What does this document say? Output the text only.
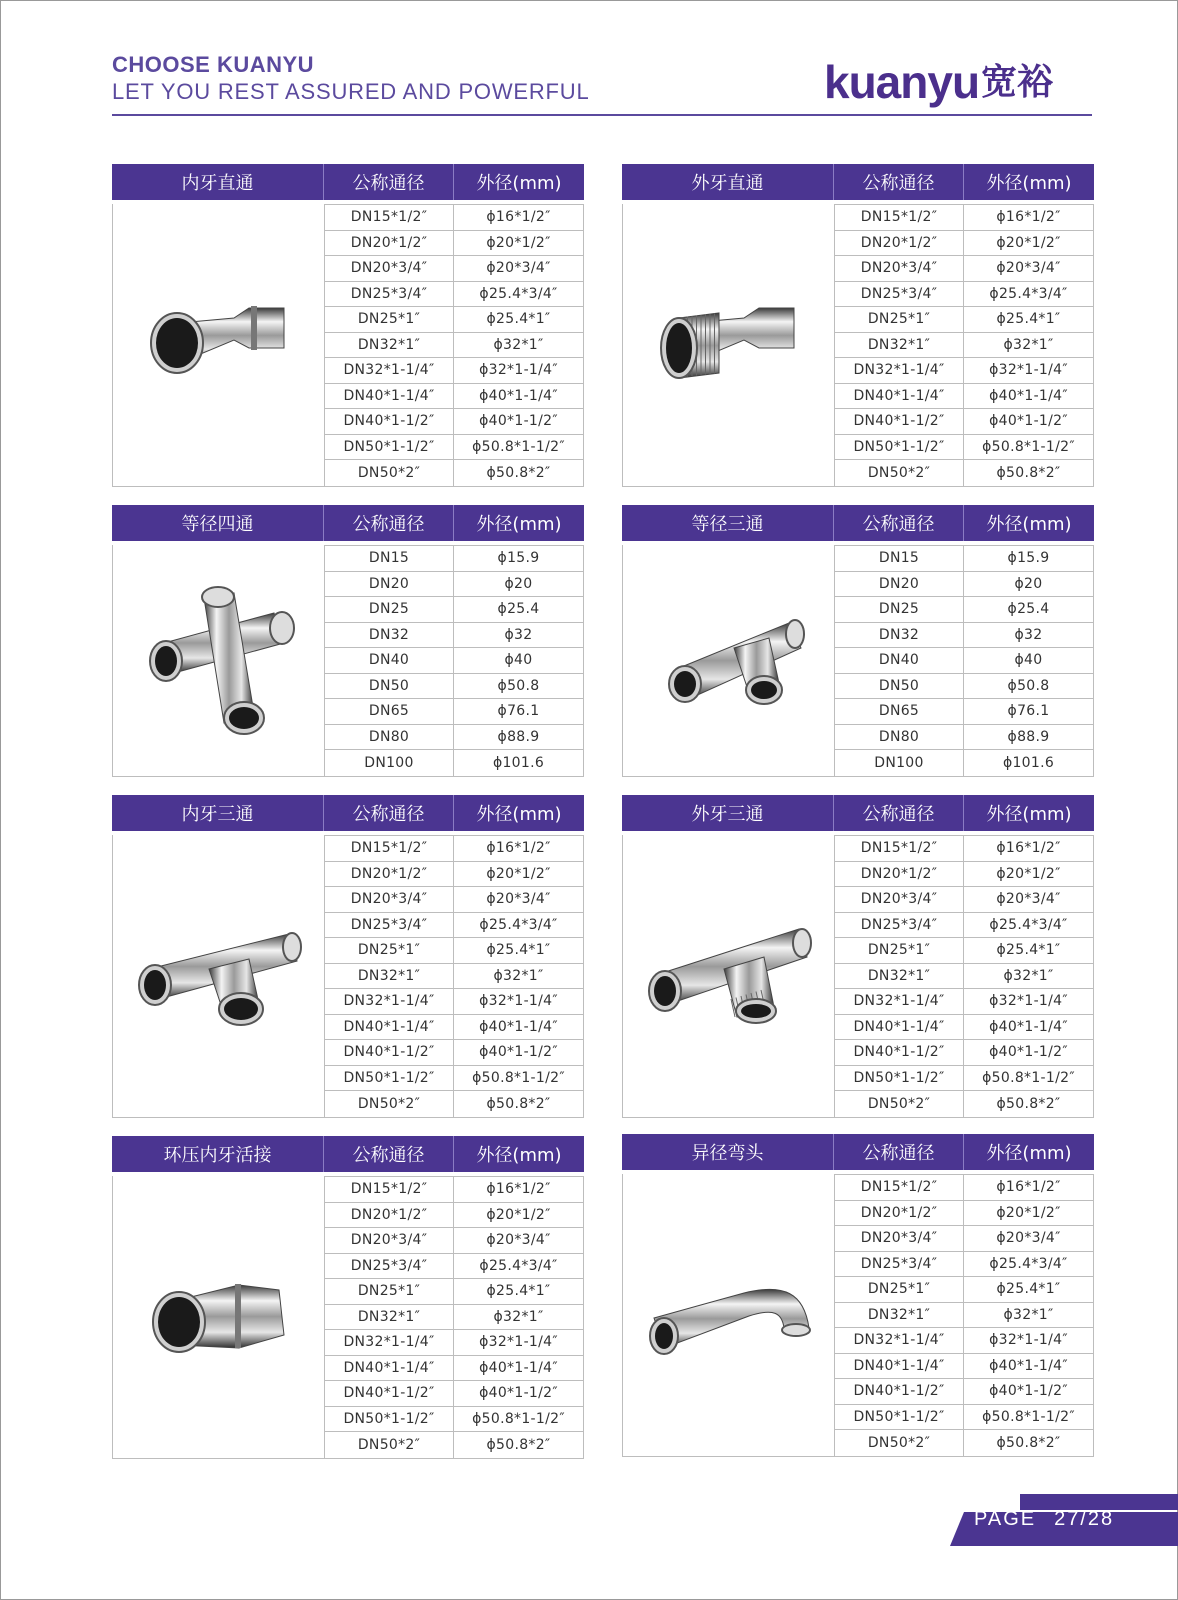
CHOOSE KUANYU
LET YOU REST ASSURED AND POWERFUL	kuanyu 宽裕
内牙直通	公称通径	外径(mm)
DN15*1/2″	ϕ16*1/2″
DN20*1/2″	ϕ20*1/2″
DN20*3/4″	ϕ20*3/4″
DN25*3/4″	ϕ25.4*3/4″
DN25*1″	ϕ25.4*1″
DN32*1″	ϕ32*1″
DN32*1-1/4″	ϕ32*1-1/4″
DN40*1-1/4″	ϕ40*1-1/4″
DN40*1-1/2″	ϕ40*1-1/2″
DN50*1-1/2″	ϕ50.8*1-1/2″
DN50*2″	ϕ50.8*2″
外牙直通	公称通径	外径(mm)
DN15*1/2″	ϕ16*1/2″
DN20*1/2″	ϕ20*1/2″
DN20*3/4″	ϕ20*3/4″
DN25*3/4″	ϕ25.4*3/4″
DN25*1″	ϕ25.4*1″
DN32*1″	ϕ32*1″
DN32*1-1/4″	ϕ32*1-1/4″
DN40*1-1/4″	ϕ40*1-1/4″
DN40*1-1/2″	ϕ40*1-1/2″
DN50*1-1/2″	ϕ50.8*1-1/2″
DN50*2″	ϕ50.8*2″
等径四通	公称通径	外径(mm)
DN15	ϕ15.9
DN20	ϕ20
DN25	ϕ25.4
DN32	ϕ32
DN40	ϕ40
DN50	ϕ50.8
DN65	ϕ76.1
DN80	ϕ88.9
DN100	ϕ101.6
等径三通	公称通径	外径(mm)
DN15	ϕ15.9
DN20	ϕ20
DN25	ϕ25.4
DN32	ϕ32
DN40	ϕ40
DN50	ϕ50.8
DN65	ϕ76.1
DN80	ϕ88.9
DN100	ϕ101.6
内牙三通	公称通径	外径(mm)
DN15*1/2″	ϕ16*1/2″
DN20*1/2″	ϕ20*1/2″
DN20*3/4″	ϕ20*3/4″
DN25*3/4″	ϕ25.4*3/4″
DN25*1″	ϕ25.4*1″
DN32*1″	ϕ32*1″
DN32*1-1/4″	ϕ32*1-1/4″
DN40*1-1/4″	ϕ40*1-1/4″
DN40*1-1/2″	ϕ40*1-1/2″
DN50*1-1/2″	ϕ50.8*1-1/2″
DN50*2″	ϕ50.8*2″
外牙三通	公称通径	外径(mm)
DN15*1/2″	ϕ16*1/2″
DN20*1/2″	ϕ20*1/2″
DN20*3/4″	ϕ20*3/4″
DN25*3/4″	ϕ25.4*3/4″
DN25*1″	ϕ25.4*1″
DN32*1″	ϕ32*1″
DN32*1-1/4″	ϕ32*1-1/4″
DN40*1-1/4″	ϕ40*1-1/4″
DN40*1-1/2″	ϕ40*1-1/2″
DN50*1-1/2″	ϕ50.8*1-1/2″
DN50*2″	ϕ50.8*2″
环压内牙活接	公称通径	外径(mm)
DN15*1/2″	ϕ16*1/2″
DN20*1/2″	ϕ20*1/2″
DN20*3/4″	ϕ20*3/4″
DN25*3/4″	ϕ25.4*3/4″
DN25*1″	ϕ25.4*1″
DN32*1″	ϕ32*1″
DN32*1-1/4″	ϕ32*1-1/4″
DN40*1-1/4″	ϕ40*1-1/4″
DN40*1-1/2″	ϕ40*1-1/2″
DN50*1-1/2″	ϕ50.8*1-1/2″
DN50*2″	ϕ50.8*2″
异径弯头	公称通径	外径(mm)
DN15*1/2″	ϕ16*1/2″
DN20*1/2″	ϕ20*1/2″
DN20*3/4″	ϕ20*3/4″
DN25*3/4″	ϕ25.4*3/4″
DN25*1″	ϕ25.4*1″
DN32*1″	ϕ32*1″
DN32*1-1/4″	ϕ32*1-1/4″
DN40*1-1/4″	ϕ40*1-1/4″
DN40*1-1/2″	ϕ40*1-1/2″
DN50*1-1/2″	ϕ50.8*1-1/2″
DN50*2″	ϕ50.8*2″
PAGE 27/28
